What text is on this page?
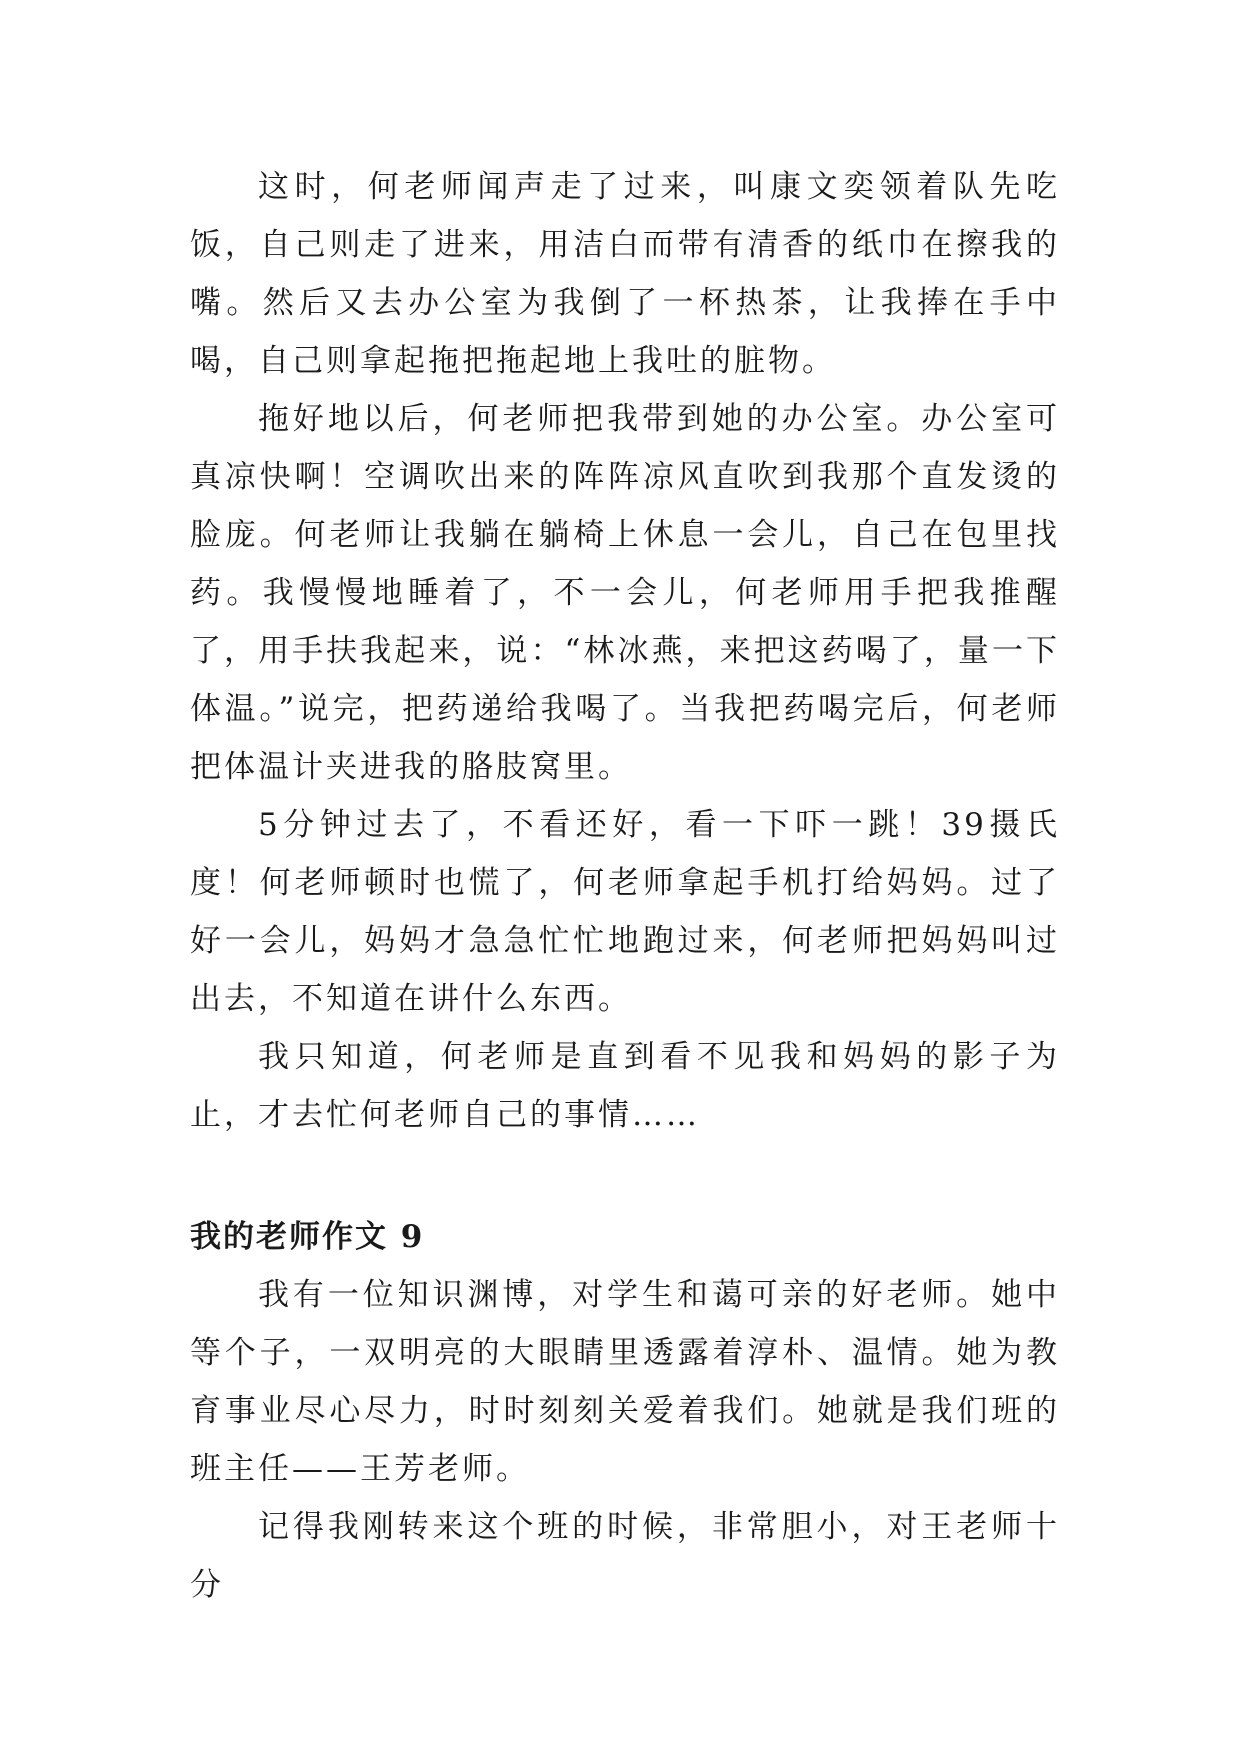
这时，何老师闻声走了过来，叫康文奕领着队先吃饭，自己则走了进来，用洁白而带有清香的纸巾在擦我的嘴。然后又去办公室为我倒了一杯热茶，让我捧在手中喝，自己则拿起拖把拖起地上我吐的脏物。

拖好地以后，何老师把我带到她的办公室。办公室可真凉快啊！空调吹出来的阵阵凉风直吹到我那个直发烫的脸庞。何老师让我躺在躺椅上休息一会儿，自己在包里找药。我慢慢地睡着了，不一会儿，何老师用手把我推醒了，用手扶我起来，说：“林冰燕，来把这药喝了，量一下体温。”说完，把药递给我喝了。当我把药喝完后，何老师把体温计夹进我的胳肢窝里。

5分钟过去了，不看还好，看一下吓一跳！39摄氏度！何老师顿时也慌了，何老师拿起手机打给妈妈。过了好一会儿，妈妈才急急忙忙地跑过来，何老师把妈妈叫过出去，不知道在讲什么东西。

我只知道，何老师是直到看不见我和妈妈的影子为止，才去忙何老师自己的事情……

我的老师作文 9

我有一位知识渊博，对学生和蔼可亲的好老师。她中等个子，一双明亮的大眼睛里透露着淳朴、温情。她为教育事业尽心尽力，时时刻刻关爱着我们。她就是我们班的班主任——王芳老师。

记得我刚转来这个班的时候，非常胆小，对王老师十分
